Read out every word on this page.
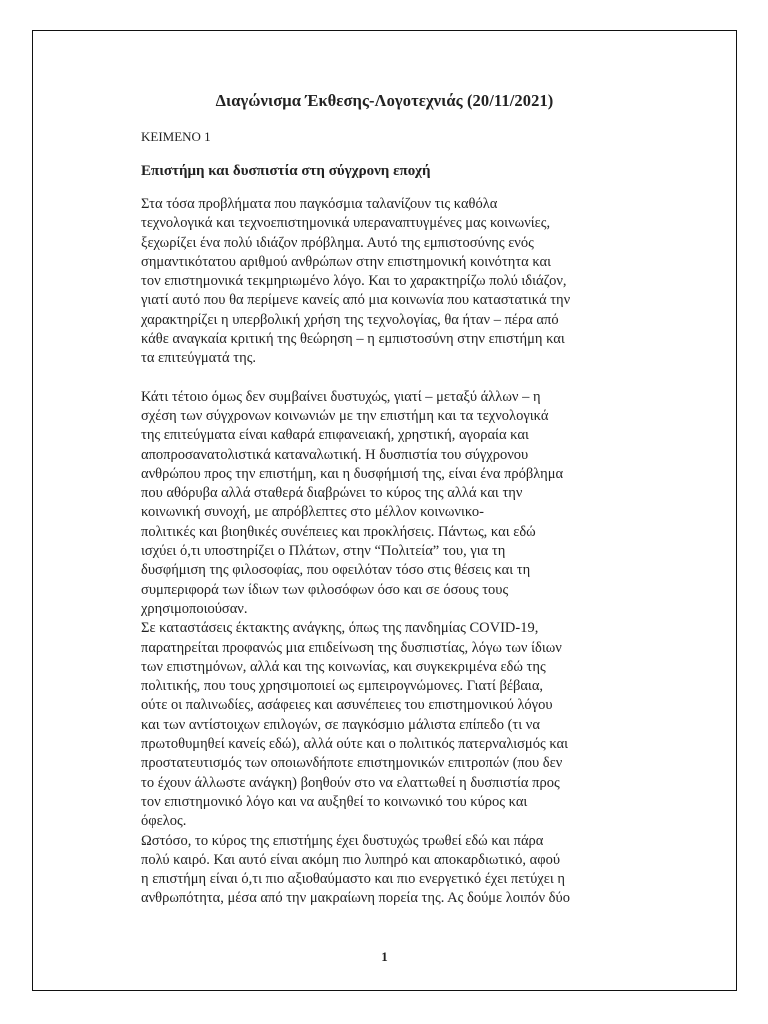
Διαγώνισμα Έκθεσης-Λογοτεχνιάς (20/11/2021)
ΚΕΙΜΕΝΟ 1
Επιστήμη και δυσπιστία στη σύγχρονη εποχή
Στα τόσα προβλήματα που παγκόσμια ταλανίζουν τις καθόλα
τεχνολογικά και τεχνοεπιστημονικά υπεραναπτυγμένες μας κοινωνίες,
ξεχωρίζει ένα πολύ ιδιάζον πρόβλημα. Αυτό της εμπιστοσύνης ενός
σημαντικότατου αριθμού ανθρώπων στην επιστημονική κοινότητα και
τον επιστημονικά τεκμηριωμένο λόγο. Και το χαρακτηρίζω πολύ ιδιάζον,
γιατί αυτό που θα περίμενε κανείς από μια κοινωνία που καταστατικά την
χαρακτηρίζει η υπερβολική χρήση της τεχνολογίας, θα ήταν – πέρα από
κάθε αναγκαία κριτική της θεώρηση – η εμπιστοσύνη στην επιστήμη και
τα επιτεύγματά της.
Κάτι τέτοιο όμως δεν συμβαίνει δυστυχώς, γιατί – μεταξύ άλλων – η
σχέση των σύγχρονων κοινωνιών με την επιστήμη και τα τεχνολογικά
της επιτεύγματα είναι καθαρά επιφανειακή, χρηστική, αγοραία και
αποπροσανατολιστικά καταναλωτική. Η δυσπιστία του σύγχρονου
ανθρώπου προς την επιστήμη, και η δυσφήμισή της, είναι ένα πρόβλημα
που αθόρυβα αλλά σταθερά διαβρώνει το κύρος της αλλά και την
κοινωνική συνοχή, με απρόβλεπτες στο μέλλον κοινωνικο-
πολιτικές και βιοηθικές συνέπειες και προκλήσεις. Πάντως, και εδώ
ισχύει ό,τι υποστηρίζει ο Πλάτων, στην “Πολιτεία” του, για τη
δυσφήμιση της φιλοσοφίας, που οφειλόταν τόσο στις θέσεις και τη
συμπεριφορά των ίδιων των φιλοσόφων όσο και σε όσους τους
χρησιμοποιούσαν.
Σε καταστάσεις έκτακτης ανάγκης, όπως της πανδημίας COVID-19,
παρατηρείται προφανώς μια επιδείνωση της δυσπιστίας, λόγω των ίδιων
των επιστημόνων, αλλά και της κοινωνίας, και συγκεκριμένα εδώ της
πολιτικής, που τους χρησιμοποιεί ως εμπειρογνώμονες. Γιατί βέβαια,
ούτε οι παλινωδίες, ασάφειες και ασυνέπειες του επιστημονικού λόγου
και των αντίστοιχων επιλογών, σε παγκόσμιο μάλιστα επίπεδο (τι να
πρωτοθυμηθεί κανείς εδώ), αλλά ούτε και ο πολιτικός πατερναλισμός και
προστατευτισμός των οποιωνδήποτε επιστημονικών επιτροπών (που δεν
το έχουν άλλωστε ανάγκη) βοηθούν στο να ελαττωθεί η δυσπιστία προς
τον επιστημονικό λόγο και να αυξηθεί το κοινωνικό του κύρος και
όφελος.
Ωστόσο, το κύρος της επιστήμης έχει δυστυχώς τρωθεί εδώ και πάρα
πολύ καιρό. Και αυτό είναι ακόμη πιο λυπηρό και αποκαρδιωτικό, αφού
η επιστήμη είναι ό,τι πιο αξιοθαύμαστο και πιο ενεργετικό έχει πετύχει η
ανθρωπότητα, μέσα από την μακραίωνη πορεία της. Ας δούμε λοιπόν δύο
1
